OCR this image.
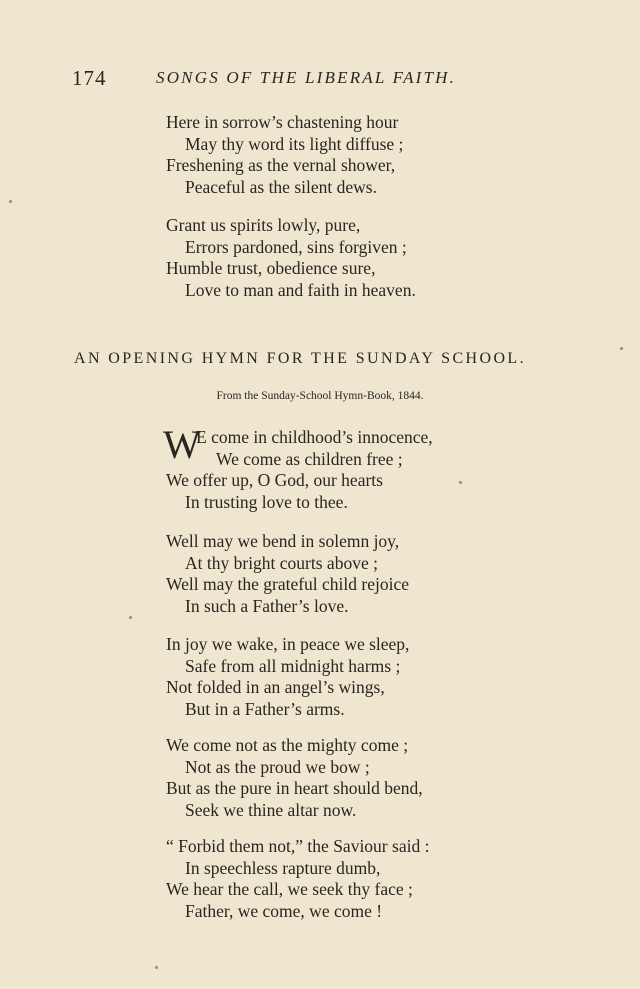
174	SONGS OF THE LIBERAL FAITH.
Here in sorrow’s chastening hour
May thy word its light diffuse ;
Freshening as the vernal shower,
Peaceful as the silent dews.
Grant us spirits lowly, pure,
Errors pardoned, sins forgiven ;
Humble trust, obedience sure,
Love to man and faith in heaven.
AN OPENING HYMN FOR THE SUNDAY SCHOOL.
From the Sunday-School Hymn-Book, 1844.
W
E come in childhood’s innocence,
We come as children free ;
We offer up, O God, our hearts
In trusting love to thee.
Well may we bend in solemn joy,
At thy bright courts above ;
Well may the grateful child rejoice
In such a Father’s love.
In joy we wake, in peace we sleep,
Safe from all midnight harms ;
Not folded in an angel’s wings,
But in a Father’s arms.
We come not as the mighty come ;
Not as the proud we bow ;
But as the pure in heart should bend,
Seek we thine altar now.
“ Forbid them not,” the Saviour said :
In speechless rapture dumb,
We hear the call, we seek thy face ;
Father, we come, we come !
